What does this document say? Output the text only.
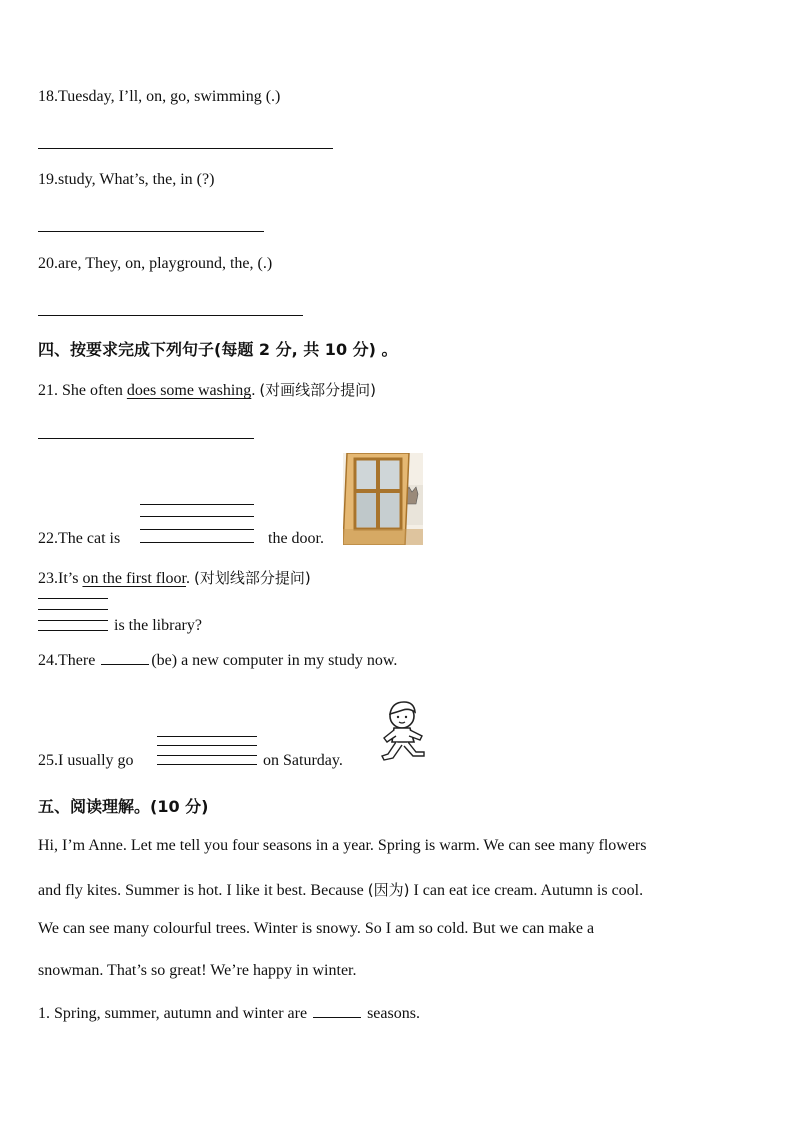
18.Tuesday, I’ll, on, go, swimming (.)
19.study, What’s, the, in (?)
20.are, They, on, playground, the, (.)
四、按要求完成下列句子(每题 2 分, 共 10 分) 。
21. She often does some washing. (对画线部分提问)
22.The cat is	the door.
23.It’s on the first floor. (对划线部分提问)
is the library?
24.There	(be) a new computer in my study now.
25.I usually go	on Saturday.
五、阅读理解。(10 分)
Hi, I’m Anne. Let me tell you four seasons in a year. Spring is warm. We can see many flowers
and fly kites. Summer is hot. I like it best. Because (因为) I can eat ice cream. Autumn is cool.
We can see many colourful trees. Winter is snowy. So I am so cold. But we can make a
snowman. That’s so great! We’re happy in winter.
1. Spring, summer, autumn and winter are	seasons.
